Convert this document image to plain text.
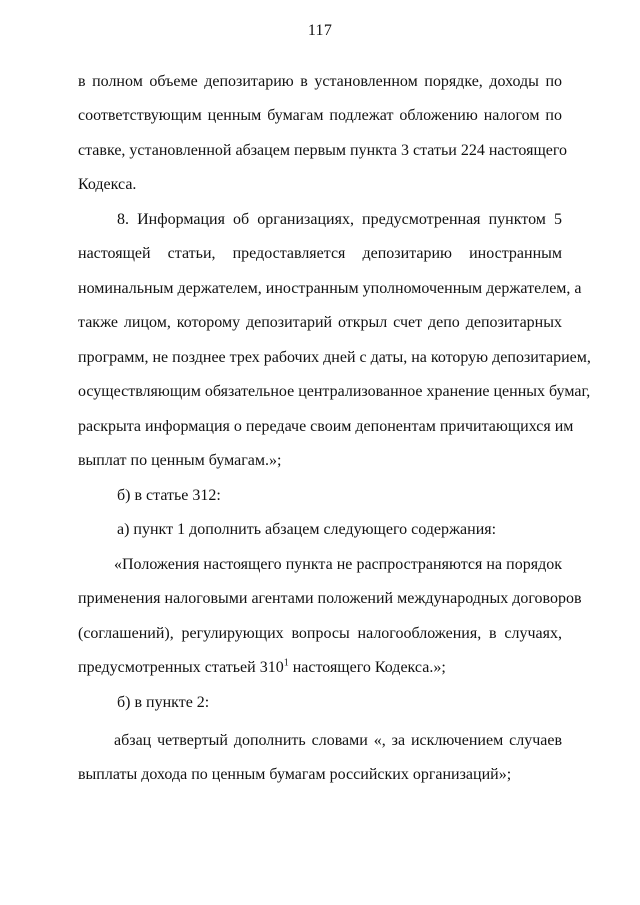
117
в полном объеме депозитарию в установленном порядке, доходы по
соответствующим ценным бумагам подлежат обложению налогом по
ставке, установленной абзацем первым пункта 3 статьи 224 настоящего
Кодекса.
8. Информация об организациях, предусмотренная пунктом 5
настоящей статьи, предоставляется депозитарию иностранным
номинальным держателем, иностранным уполномоченным держателем, а
также лицом, которому депозитарий открыл счет депо депозитарных
программ, не позднее трех рабочих дней с даты, на которую депозитарием,
осуществляющим обязательное централизованное хранение ценных бумаг,
раскрыта информация о передаче своим депонентам причитающихся им
выплат по ценным бумагам.»;
б) в статье 312:
а) пункт 1 дополнить абзацем следующего содержания:
«Положения настоящего пункта не распространяются на порядок
применения налоговыми агентами положений международных договоров
(соглашений), регулирующих вопросы налогообложения, в случаях,
предусмотренных статьей $310^1$ настоящего Кодекса.»;
б) в пункте 2:
абзац четвертый дополнить словами «, за исключением случаев
выплаты дохода по ценным бумагам российских организаций»;
